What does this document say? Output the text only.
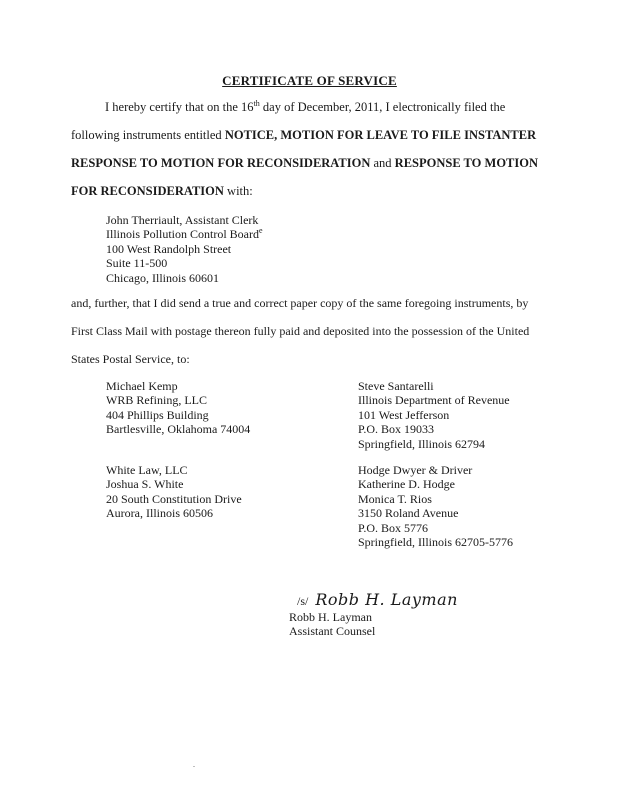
CERTIFICATE OF SERVICE
I hereby certify that on the 16th day of December, 2011, I electronically filed the
following instruments entitled NOTICE, MOTION FOR LEAVE TO FILE INSTANTER
RESPONSE TO MOTION FOR RECONSIDERATION and RESPONSE TO MOTION
FOR RECONSIDERATION with:
John Therriault, Assistant Clerk
Illinois Pollution Control Board$^e$
100 West Randolph Street
Suite 11-500
Chicago, Illinois 60601
and, further, that I did send a true and correct paper copy of the same foregoing instruments, by
First Class Mail with postage thereon fully paid and deposited into the possession of the United
States Postal Service, to:
Michael Kemp
WRB Refining, LLC
404 Phillips Building
Bartlesville, Oklahoma 74004
Steve Santarelli
Illinois Department of Revenue
101 West Jefferson
P.O. Box 19033
Springfield, Illinois 62794
White Law, LLC
Joshua S. White
20 South Constitution Drive
Aurora, Illinois 60506
Hodge Dwyer & Driver
Katherine D. Hodge
Monica T. Rios
3150 Roland Avenue
P.O. Box 5776
Springfield, Illinois 62705-5776
/s/ Robb H. Layman
Robb H. Layman
Assistant Counsel
.
